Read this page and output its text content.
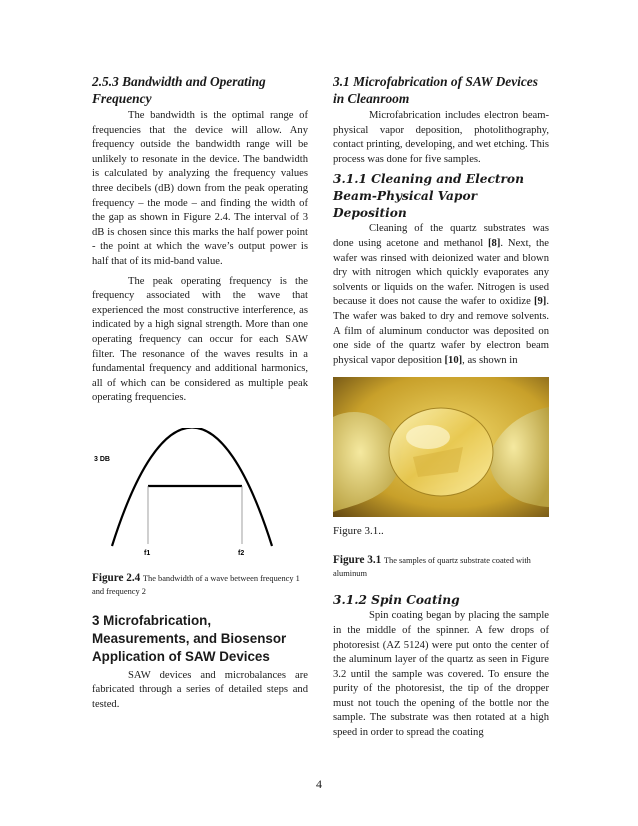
2.5.3 Bandwidth and Operating Frequency

The bandwidth is the optimal range of frequencies that the device will allow. Any frequency outside the bandwidth range will be unlikely to resonate in the device. The bandwidth is calculated by analyzing the frequency values three decibels (dB) down from the peak operating frequency – the mode – and finding the width of the gap as shown in Figure 2.4. The interval of 3 dB is chosen since this marks the half power point - the point at which the wave’s output power is half that of its mid-band value.

The peak operating frequency is the frequency associated with the wave that experienced the most constructive interference, as indicated by a high signal strength. More than one operating frequency can occur for each SAW filter. The resonance of the waves results in a fundamental frequency and additional harmonics, all of which can be considered as multiple peak operating frequencies.

3 DB
f1	f2

Figure 2.4 The bandwidth of a wave between frequency 1 and frequency 2

3 Microfabrication, Measurements, and Biosensor Application of SAW Devices

SAW devices and microbalances are fabricated through a series of detailed steps and tested.

3.1 Microfabrication of SAW Devices in Cleanroom

Microfabrication includes electron beam-physical vapor deposition, photolithography, contact printing, developing, and wet etching. This process was done for five samples.

3.1.1 Cleaning and Electron Beam-Physical Vapor Deposition

Cleaning of the quartz substrates was done using acetone and methanol [8]. Next, the wafer was rinsed with deionized water and blown dry with nitrogen which quickly evaporates any solvents or liquids on the wafer. Nitrogen is used because it does not cause the wafer to oxidize [9]. The wafer was baked to dry and remove solvents. A film of aluminum conductor was deposited on one side of the quartz wafer by electron beam physical vapor deposition [10], as shown in

Figure 3.1..

Figure 3.1 The samples of quartz substrate coated with aluminum

3.1.2 Spin Coating

Spin coating began by placing the sample in the middle of the spinner. A few drops of photoresist (AZ 5124) were put onto the center of the aluminum layer of the quartz as seen in Figure 3.2 until the sample was covered. To ensure the purity of the photoresist, the tip of the dropper must not touch the opening of the bottle nor the sample. The substrate was then rotated at a high speed in order to spread the coating

4
